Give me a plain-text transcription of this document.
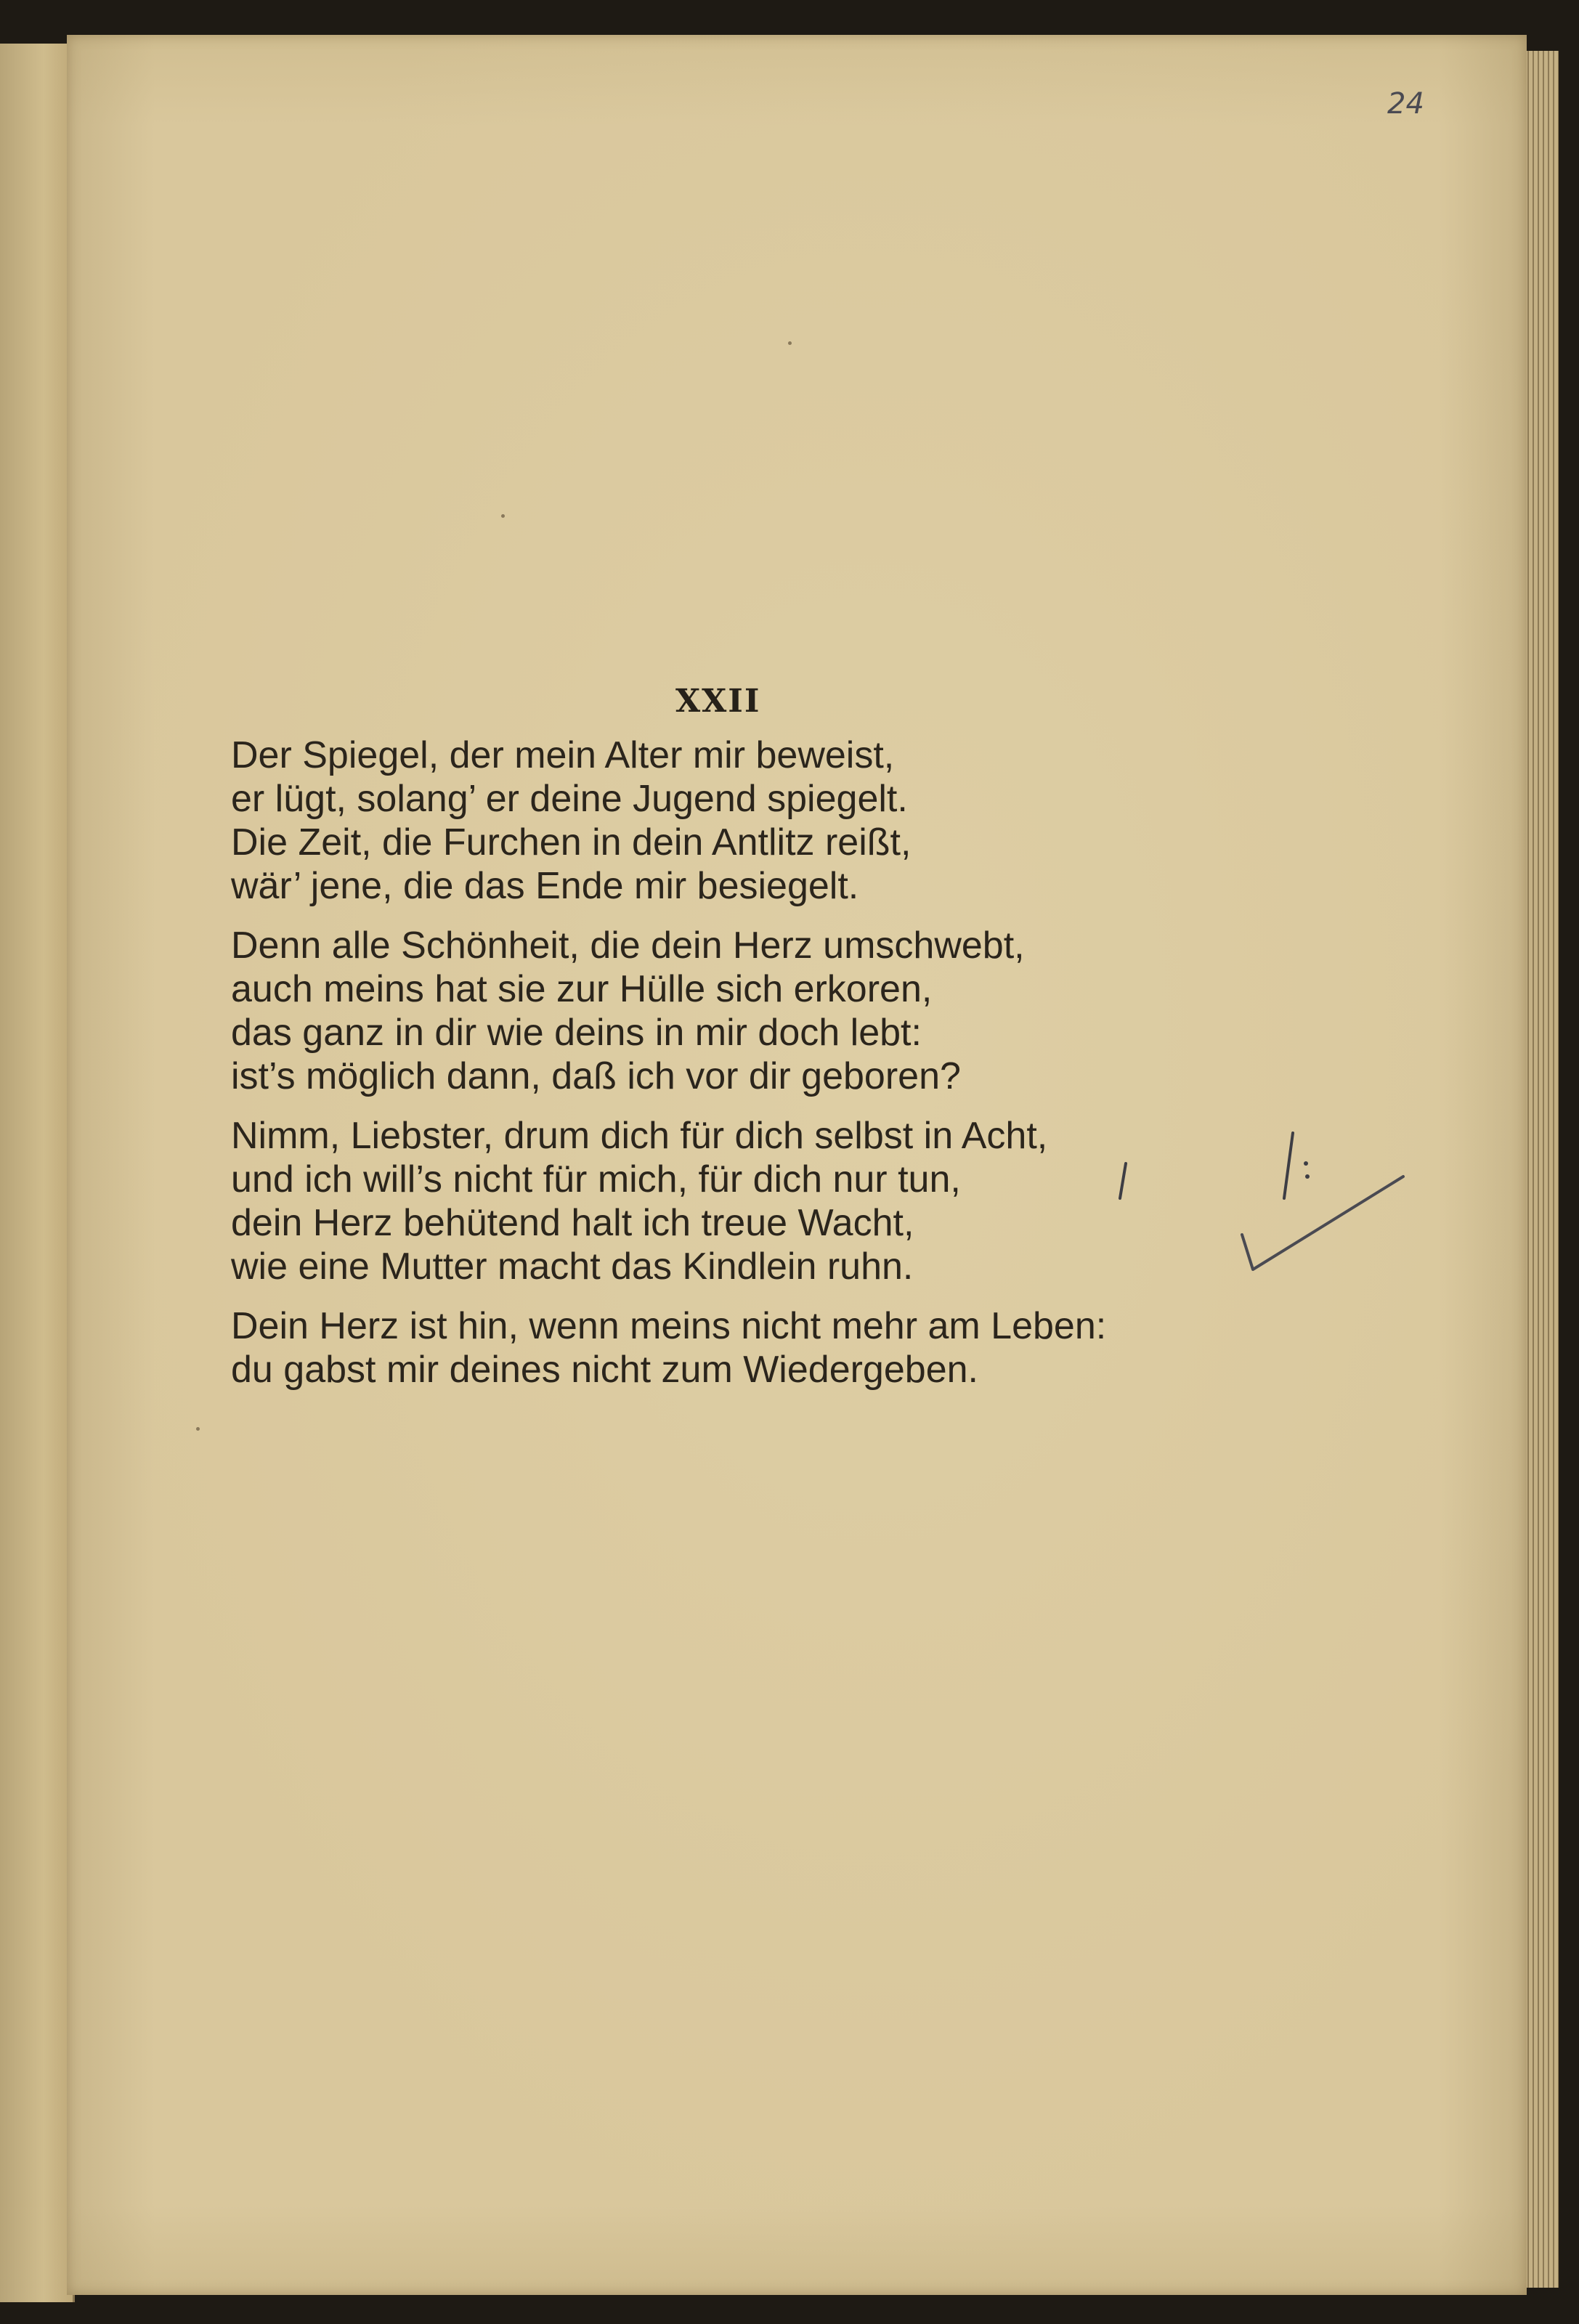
24
XXII
Der Spiegel, der mein Alter mir beweist,
er lügt, solang’ er deine Jugend spiegelt.
Die Zeit, die Furchen in dein Antlitz reißt,
wär’ jene, die das Ende mir besiegelt.
Denn alle Schönheit, die dein Herz umschwebt,
auch meins hat sie zur Hülle sich erkoren,
das ganz in dir wie deins in mir doch lebt:
ist’s möglich dann, daß ich vor dir geboren?
Nimm, Liebster, drum dich für dich selbst in Acht,
und ich will’s nicht für mich, für dich nur tun,
dein Herz behütend halt ich treue Wacht,
wie eine Mutter macht das Kindlein ruhn.
Dein Herz ist hin, wenn meins nicht mehr am Leben:
du gabst mir deines nicht zum Wiedergeben.
